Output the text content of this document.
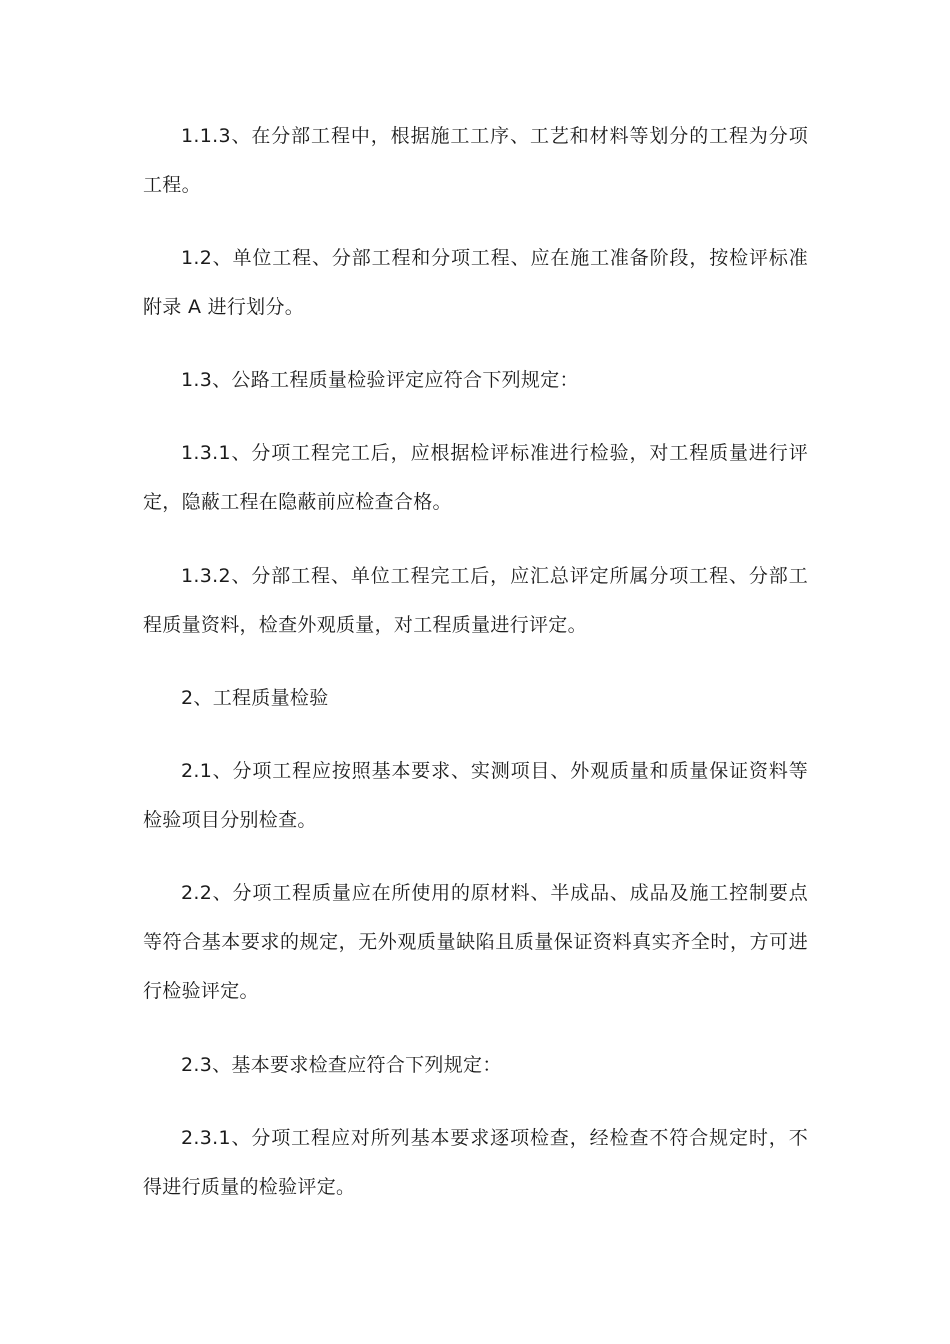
1.1.3、在分部工程中，根据施工工序、工艺和材料等划分的工程为分项工程。

1.2、单位工程、分部工程和分项工程、应在施工准备阶段，按检评标准附录 A 进行划分。

1.3、公路工程质量检验评定应符合下列规定：

1.3.1、分项工程完工后，应根据检评标准进行检验，对工程质量进行评定，隐蔽工程在隐蔽前应检查合格。

1.3.2、分部工程、单位工程完工后，应汇总评定所属分项工程、分部工程质量资料，检查外观质量，对工程质量进行评定。

2、工程质量检验

2.1、分项工程应按照基本要求、实测项目、外观质量和质量保证资料等检验项目分别检查。

2.2、分项工程质量应在所使用的原材料、半成品、成品及施工控制要点等符合基本要求的规定，无外观质量缺陷且质量保证资料真实齐全时，方可进行检验评定。

2.3、基本要求检查应符合下列规定：

2.3.1、分项工程应对所列基本要求逐项检查，经检查不符合规定时，不得进行质量的检验评定。
